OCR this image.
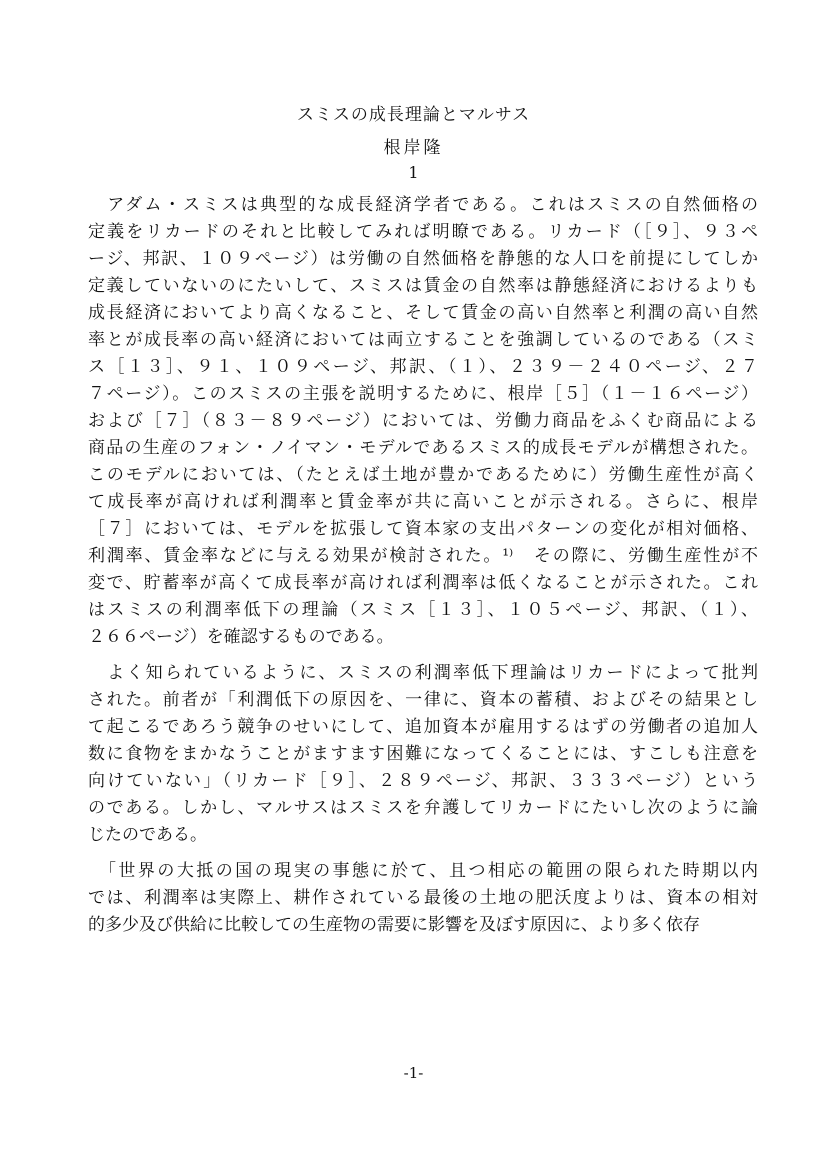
スミスの成長理論とマルサス
根岸隆
1
　アダム・スミスは典型的な成長経済学者である。これはスミスの自然価格の
定義をリカードのそれと比較してみれば明瞭である。リカード（［９］、９３ペ
ージ、邦訳、１０９ページ）は労働の自然価格を静態的な人口を前提にしてしか
定義していないのにたいして、スミスは賃金の自然率は静態経済におけるよりも
成長経済においてより高くなること、そして賃金の高い自然率と利潤の高い自然
率とが成長率の高い経済においては両立することを強調しているのである（スミ
ス［１３］、９１、１０９ページ、邦訳、（１）、２３９－２４０ページ、２７
７ページ）。このスミスの主張を説明するために、根岸［５］（１－１６ページ）
および［７］（８３－８９ページ）においては、労働力商品をふくむ商品による
商品の生産のフォン・ノイマン・モデルであるスミス的成長モデルが構想された。
このモデルにおいては、（たとえば土地が豊かであるために）労働生産性が高く
て成長率が高ければ利潤率と賃金率が共に高いことが示される。さらに、根岸
［７］においては、モデルを拡張して資本家の支出パターンの変化が相対価格、
利潤率、賃金率などに与える効果が検討された。¹⁾　その際に、労働生産性が不
変で、貯蓄率が高くて成長率が高ければ利潤率は低くなることが示された。これ
はスミスの利潤率低下の理論（スミス［１３］、１０５ページ、邦訳、（１）、
２６６ページ）を確認するものである。
　よく知られているように、スミスの利潤率低下理論はリカードによって批判
された。前者が「利潤低下の原因を、一律に、資本の蓄積、およびその結果とし
て起こるであろう競争のせいにして、追加資本が雇用するはずの労働者の追加人
数に食物をまかなうことがますます困難になってくることには、すこしも注意を
向けていない」（リカード［９］、２８９ページ、邦訳、３３３ページ）という
のである。しかし、マルサスはスミスを弁護してリカードにたいし次のように論
じたのである。
　「世界の大抵の国の現実の事態に於て、且つ相応の範囲の限られた時期以内
では、利潤率は実際上、耕作されている最後の土地の肥沃度よりは、資本の相対
的多少及び供給に比較しての生産物の需要に影響を及ぼす原因に、より多く依存
-1-
